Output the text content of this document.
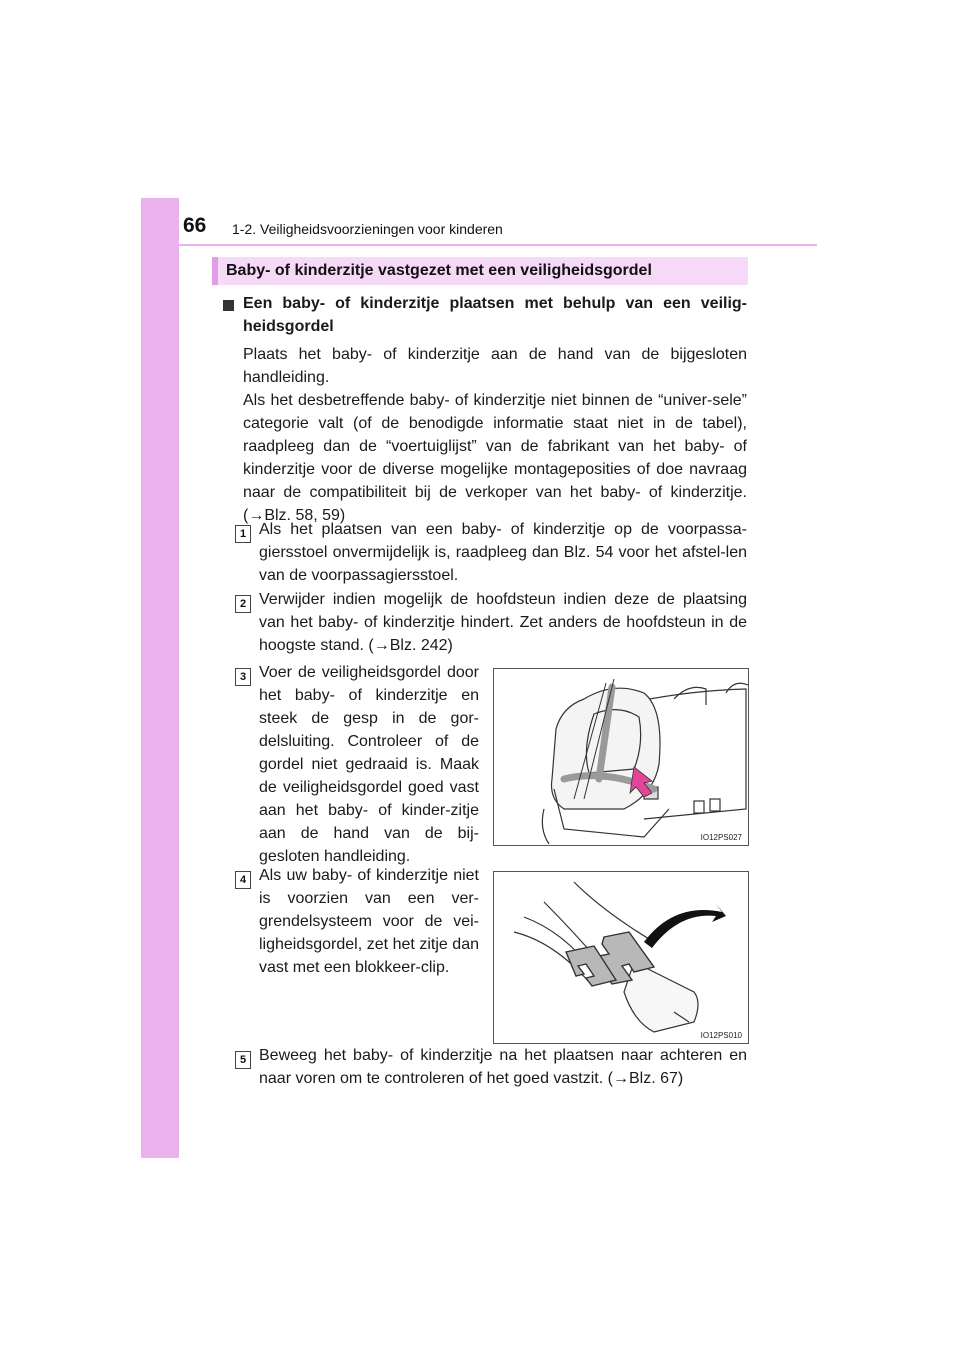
66 1-2. Veiligheidsvoorzieningen voor kinderen
Baby- of kinderzitje vastgezet met een veiligheidsgordel
Een baby- of kinderzitje plaatsen met behulp van een veilig-heidsgordel
Plaats het baby- of kinderzitje aan de hand van de bijgesloten handleiding.
Als het desbetreffende baby- of kinderzitje niet binnen de “univer-sele” categorie valt (of de benodigde informatie staat niet in de tabel), raadpleeg dan de “voertuiglijst” van de fabrikant van het baby- of kinderzitje voor de diverse mogelijke montageposities of doe navraag naar de compatibiliteit bij de verkoper van het baby- of kinderzitje. (→Blz. 58, 59)
1 Als het plaatsen van een baby- of kinderzitje op de voorpassa-giersstoel onvermijdelijk is, raadpleeg dan Blz. 54 voor het afstel-len van de voorpassagiersstoel.
2 Verwijder indien mogelijk de hoofdsteun indien deze de plaatsing van het baby- of kinderzitje hindert. Zet anders de hoofdsteun in de hoogste stand. (→Blz. 242)
3 Voer de veiligheidsgordel door het baby- of kinderzitje en steek de gesp in de gor-delsluiting. Controleer of de gordel niet gedraaid is. Maak de veiligheidsgordel goed vast aan het baby- of kinder-zitje aan de hand van de bij-gesloten handleiding.
IO12PS027
4 Als uw baby- of kinderzitje niet is voorzien van een ver-grendelsysteem voor de vei-ligheidsgordel, zet het zitje dan vast met een blokkeer-clip.
IO12PS010
5 Beweeg het baby- of kinderzitje na het plaatsen naar achteren en naar voren om te controleren of het goed vastzit. (→Blz. 67)
